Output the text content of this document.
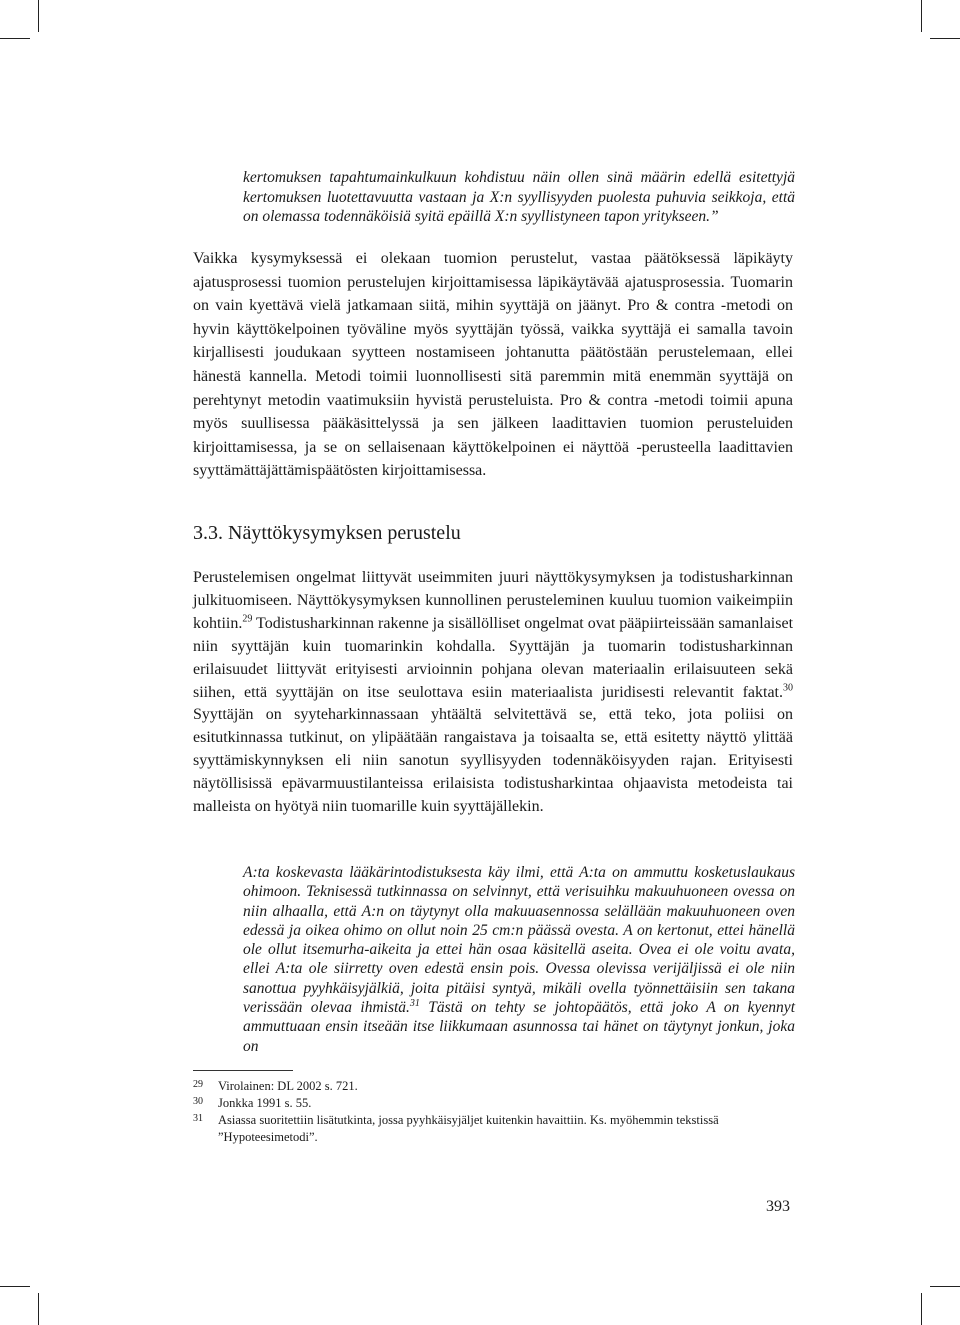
kertomuksen tapahtumainkulkuun kohdistuu näin ollen sinä määrin edellä esitettyjä kertomuksen luotettavuutta vastaan ja X:n syyllisyyden puolesta puhuvia seikkoja, että on olemassa todennäköisiä syitä epäillä X:n syyllistyneen tapon yritykseen.”
Vaikka kysymyksessä ei olekaan tuomion perustelut, vastaa päätöksessä läpikäyty ajatusprosessi tuomion perustelujen kirjoittamisessa läpikäytävää ajatusprosessia. Tuomarin on vain kyettävä vielä jatkamaan siitä, mihin syyttäjä on jäänyt. Pro & contra -metodi on hyvin käyttökelpoinen työväline myös syyttäjän työssä, vaikka syyttäjä ei samalla tavoin kirjallisesti joudukaan syytteen nostamiseen johtanutta päätöstään perustelemaan, ellei hänestä kannella. Metodi toimii luonnollisesti sitä paremmin mitä enemmän syyttäjä on perehtynyt metodin vaatimuksiin hyvistä perusteluista. Pro & contra -metodi toimii apuna myös suullisessa pääkäsittelyssä ja sen jälkeen laadittavien tuomion perusteluiden kirjoittamisessa, ja se on sellaisenaan käyttökelpoinen ei näyttöä -perusteella laadittavien syyttämättäjättämispäätösten kirjoittamisessa.
3.3. Näyttökysymyksen perustelu
Perustelemisen ongelmat liittyvät useimmiten juuri näyttökysymyksen ja todistusharkinnan julkituomiseen. Näyttökysymyksen kunnollinen perusteleminen kuuluu tuomion vaikeimpiin kohtiin.$^{29}$ Todistusharkinnan rakenne ja sisällölliset ongelmat ovat pääpiirteissään samanlaiset niin syyttäjän kuin tuomarinkin kohdalla. Syyttäjän ja tuomarin todistusharkinnan erilaisuudet liittyvät erityisesti arvioinnin pohjana olevan materiaalin erilaisuuteen sekä siihen, että syyttäjän on itse seulottava esiin materiaalista juridisesti relevantit faktat.$^{30}$ Syyttäjän on syyteharkinnassaan yhtäältä selvitettävä se, että teko, jota poliisi on esitutkinnassa tutkinut, on ylipäätään rangaistava ja toisaalta se, että esitetty näyttö ylittää syyttämiskynnyksen eli niin sanotun syyllisyyden todennäköisyyden rajan. Erityisesti näytöllisissä epävarmuustilanteissa erilaisista todistusharkintaa ohjaavista metodeista tai malleista on hyötyä niin tuomarille kuin syyttäjällekin.
A:ta koskevasta lääkärintodistuksesta käy ilmi, että A:ta on ammuttu kosketuslaukaus ohimoon. Teknisessä tutkinnassa on selvinnyt, että verisuihku makuuhuoneen ovessa on niin alhaalla, että A:n on täytynyt olla makuuasennossa selällään makuuhuoneen oven edessä ja oikea ohimo on ollut noin 25 cm:n päässä ovesta. A on kertonut, ettei hänellä ole ollut itsemurha-aikeita ja ettei hän osaa käsitellä aseita. Ovea ei ole voitu avata, ellei A:ta ole siirretty oven edestä ensin pois. Ovessa olevissa verijäljissä ei ole niin sanottua pyyhkäisyjälkiä, joita pitäisi syntyä, mikäli ovella työnnettäisiin sen takana verissään olevaa ihmistä.$^{31}$ Tästä on tehty se johtopäätös, että joko A on kyennyt ammuttuaan ensin itseään itse liikkumaan asunnossa tai hänet on täytynyt jonkun, joka on
29	Virolainen: DL 2002 s. 721.
30	Jonkka 1991 s. 55.
31	Asiassa suoritettiin lisätutkinta, jossa pyyhkäisyjäljet kuitenkin havaittiin. Ks. myöhemmin tekstissä ”Hypoteesimetodi”.
393
